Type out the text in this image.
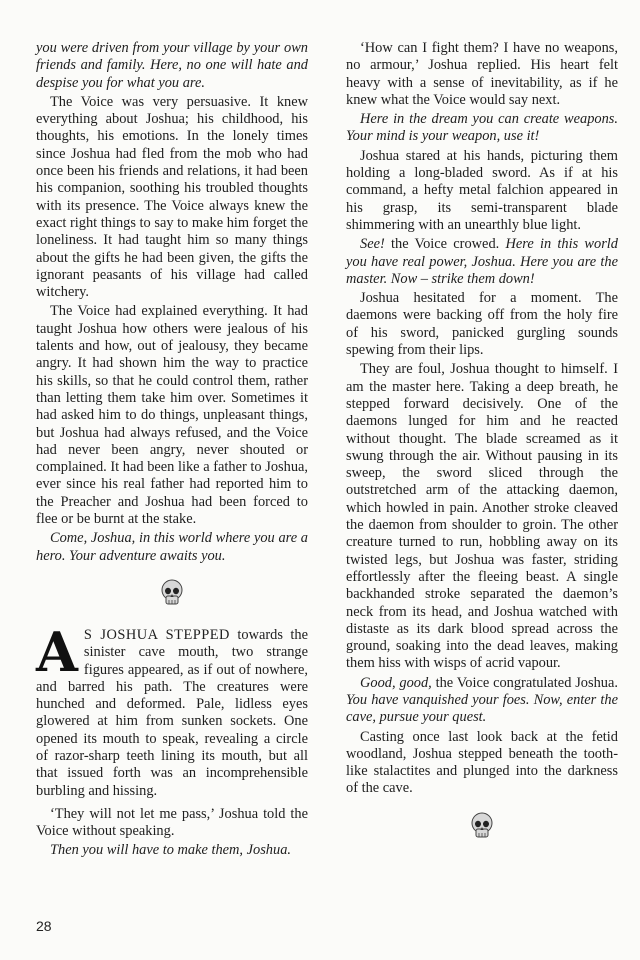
you were driven from your village by your own friends and family. Here, no one will hate and despise you for what you are.

The Voice was very persuasive. It knew everything about Joshua; his childhood, his thoughts, his emotions. In the lonely times since Joshua had fled from the mob who had once been his friends and relations, it had been his companion, soothing his troubled thoughts with its presence. The Voice always knew the exact right things to say to make him forget the loneliness. It had taught him so many things about the gifts he had been given, the gifts the ignorant peasants of his village had called witchery.

The Voice had explained everything. It had taught Joshua how others were jealous of his talents and how, out of jealousy, they became angry. It had shown him the way to practice his skills, so that he could control them, rather than letting them take him over. Sometimes it had asked him to do things, unpleasant things, but Joshua had always refused, and the Voice had never been angry, never shouted or complained. It had been like a father to Joshua, ever since his real father had reported him to the Preacher and Joshua had been forced to flee or be burnt at the stake.

Come, Joshua, in this world where you are a hero. Your adventure awaits you.

A S JOSHUA STEPPED towards the sinister cave mouth, two strange figures appeared, as if out of nowhere, and barred his path. The creatures were hunched and deformed. Pale, lidless eyes glowered at him from sunken sockets. One opened its mouth to speak, revealing a circle of razor-sharp teeth lining its mouth, but all that issued forth was an incomprehensible burbling and hissing.

‘They will not let me pass,’ Joshua told the Voice without speaking.

Then you will have to make them, Joshua.

‘How can I fight them? I have no weapons, no armour,’ Joshua replied. His heart felt heavy with a sense of inevitability, as if he knew what the Voice would say next.

Here in the dream you can create weapons. Your mind is your weapon, use it!

Joshua stared at his hands, picturing them holding a long-bladed sword. As if at his command, a hefty metal falchion appeared in his grasp, its semi-transparent blade shimmering with an unearthly blue light.

See! the Voice crowed. Here in this world you have real power, Joshua. Here you are the master. Now – strike them down!

Joshua hesitated for a moment. The daemons were backing off from the holy fire of his sword, panicked gurgling sounds spewing from their lips.

They are foul, Joshua thought to himself. I am the master here. Taking a deep breath, he stepped forward decisively. One of the daemons lunged for him and he reacted without thought. The blade screamed as it swung through the air. Without pausing in its sweep, the sword sliced through the outstretched arm of the attacking daemon, which howled in pain. Another stroke cleaved the daemon from shoulder to groin. The other creature turned to run, hobbling away on its twisted legs, but Joshua was faster, striding effortlessly after the fleeing beast. A single backhanded stroke separated the daemon’s neck from its head, and Joshua watched with distaste as its dark blood spread across the ground, soaking into the dead leaves, making them hiss with wisps of acrid vapour.

Good, good, the Voice congratulated Joshua. You have vanquished your foes. Now, enter the cave, pursue your quest.

Casting once last look back at the fetid woodland, Joshua stepped beneath the tooth-like stalactites and plunged into the darkness of the cave.

28
